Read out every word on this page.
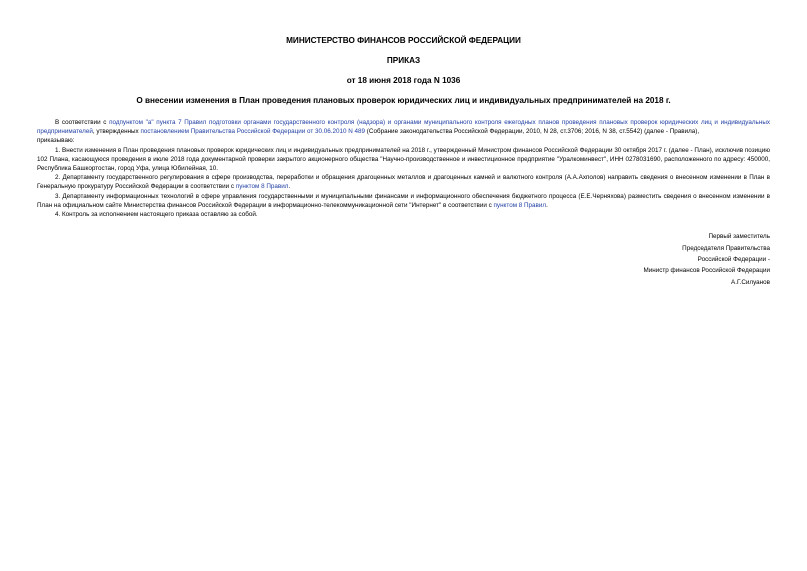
МИНИСТЕРСТВО ФИНАНСОВ РОССИЙСКОЙ ФЕДЕРАЦИИ

ПРИКАЗ

от 18 июня 2018 года N 1036

О внесении изменения в План проведения плановых проверок юридических лиц и индивидуальных предпринимателей на 2018 г.

В соответствии с подпунктом "а" пункта 7 Правил подготовки органами государственного контроля (надзора) и органами муниципального контроля ежегодных планов проведения плановых проверок юридических лиц и индивидуальных предпринимателей, утвержденных постановлением Правительства Российской Федерации от 30.06.2010 N 489 (Собрание законодательства Российской Федерации, 2010, N 28, ст.3706; 2016, N 38, ст.5542) (далее - Правила),

приказываю:

1. Внести изменения в План проведения плановых проверок юридических лиц и индивидуальных предпринимателей на 2018 г., утвержденный Министром финансов Российской Федерации 30 октября 2017 г. (далее - План), исключив позицию 102 Плана, касающуюся проведения в июле 2018 года документарной проверки закрытого акционерного общества "Научно-производственное и инвестиционное предприятие "Уралкоминвест", ИНН 0278031690, расположенного по адресу: 450000, Республика Башкортостан, город Уфа, улица Юбилейная, 10.

2. Департаменту государственного регулирования в сфере производства, переработки и обращения драгоценных металлов и драгоценных камней и валютного контроля (А.А.Ахполов) направить сведения о внесенном изменении в План в Генеральную прокуратуру Российской Федерации в соответствии с пунктом 8 Правил.

3. Департаменту информационных технологий в сфере управления государственными и муниципальными финансами и информационного обеспечения бюджетного процесса (Е.Е.Черняхова) разместить сведения о внесенном изменении в План на официальном сайте Министерства финансов Российской Федерации в информационно-телекоммуникационной сети "Интернет" в соответствии с пунктом 8 Правил.

4. Контроль за исполнением настоящего приказа оставляю за собой.

Первый заместитель
Председателя Правительства
Российской Федерации -
Министр финансов Российской Федерации
А.Г.Силуанов
